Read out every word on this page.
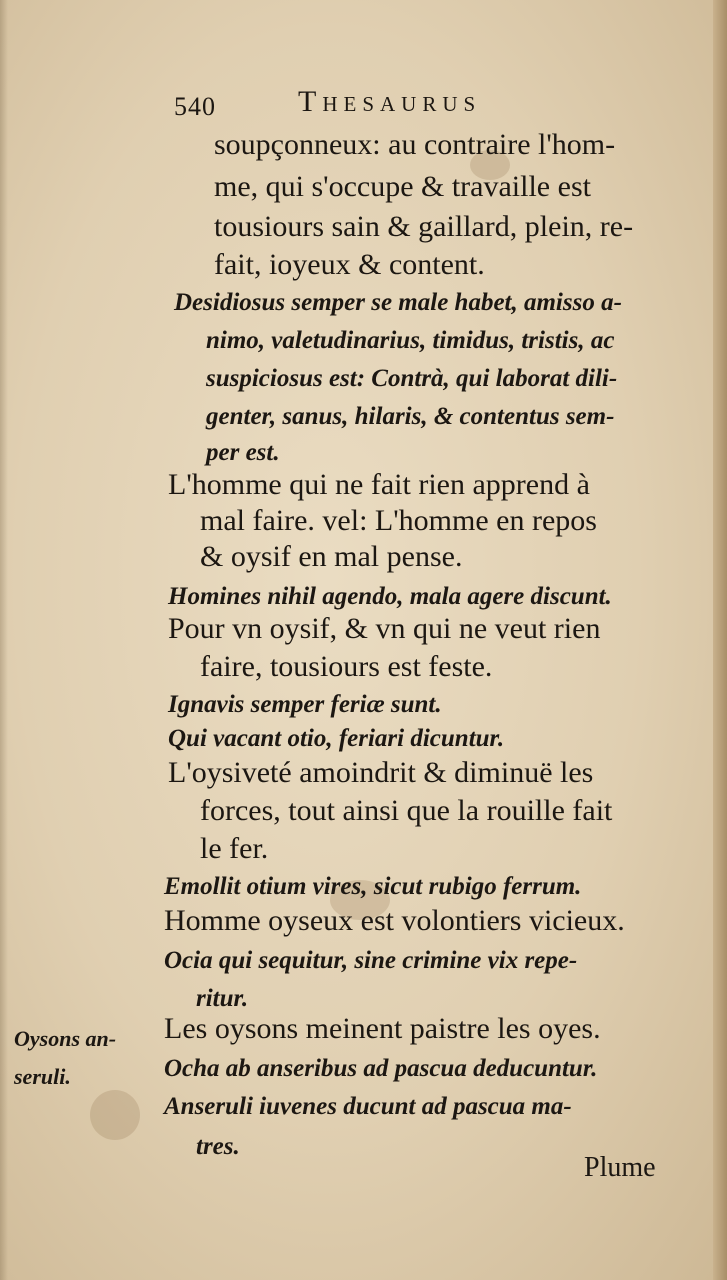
540	Thesaurus
soupçonneux: au contraire l'hom-
me, qui s'occupe & travaille est
tousiours sain & gaillard, plein, re-
fait, ioyeux & content.
Desidiosus semper se male habet, amisso a-
nimo, valetudinarius, timidus, tristis, ac
suspiciosus est: Contrà, qui laborat dili-
genter, sanus, hilaris, & contentus sem-
per est.
L'homme qui ne fait rien apprend à
mal faire. vel: L'homme en repos
& oysif en mal pense.
Homines nihil agendo, mala agere discunt.
Pour vn oysif, & vn qui ne veut rien
faire, tousiours est feste.
Ignavis semper feriæ sunt.
Qui vacant otio, feriari dicuntur.
L'oysiveté amoindrit & diminuë les
forces, tout ainsi que la rouille fait
le fer.
Emollit otium vires, sicut rubigo ferrum.
Homme oyseux est volontiers vicieux.
Ocia qui sequitur, sine crimine vix repe-
ritur.
Les oysons meinent paistre les oyes.
Ocha ab anseribus ad pascua deducuntur.
Anseruli iuvenes ducunt ad pascua ma-
tres.
Oysons an-
seruli.
Plume
